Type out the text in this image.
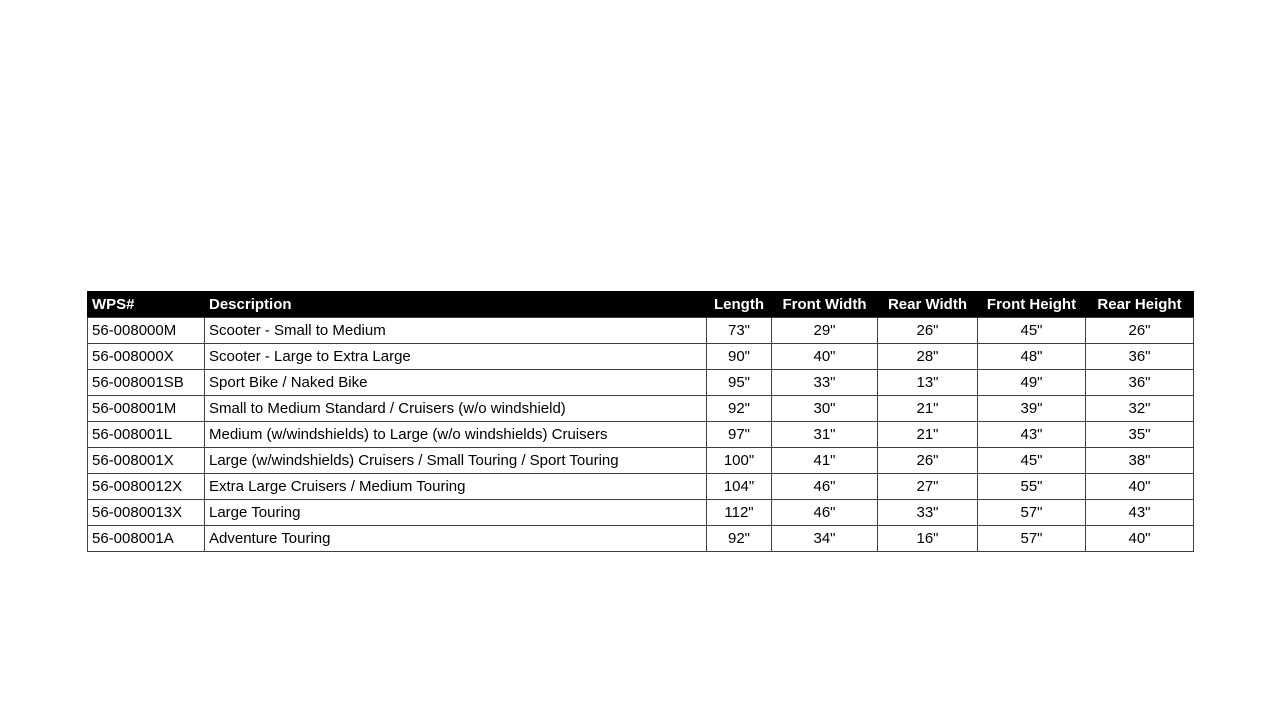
WPS#	Description	Length	Front Width	Rear Width	Front Height	Rear Height
56-008000M	Scooter - Small to Medium	73"	29"	26"	45"	26"
56-008000X	Scooter - Large to Extra Large	90"	40"	28"	48"	36"
56-008001SB	Sport Bike / Naked Bike	95"	33"	13"	49"	36"
56-008001M	Small to Medium Standard / Cruisers (w/o windshield)	92"	30"	21"	39"	32"
56-008001L	Medium (w/windshields) to Large (w/o windshields) Cruisers	97"	31"	21"	43"	35"
56-008001X	Large (w/windshields) Cruisers / Small Touring / Sport Touring	100"	41"	26"	45"	38"
56-0080012X	Extra Large Cruisers / Medium Touring	104"	46"	27"	55"	40"
56-0080013X	Large Touring	112"	46"	33"	57"	43"
56-008001A	Adventure Touring	92"	34"	16"	57"	40"
